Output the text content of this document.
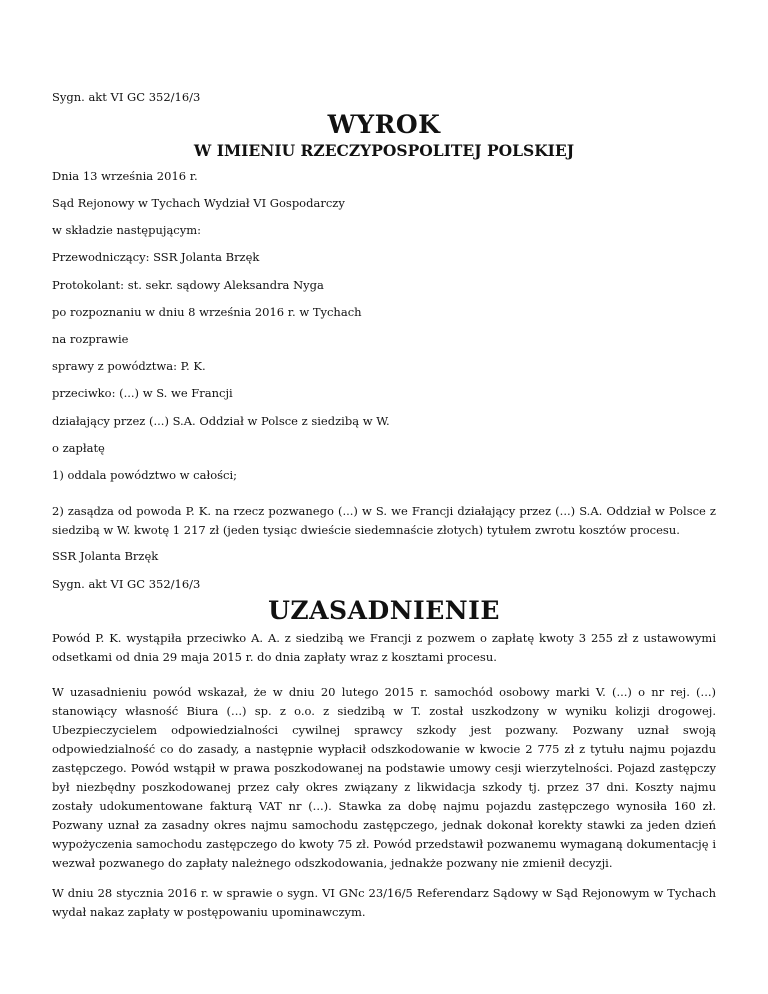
Sygn. akt VI GC 352/16/3

WYROK
W IMIENIU RZECZYPOSPOLITEJ POLSKIEJ

Dnia 13 września 2016 r.

Sąd Rejonowy w Tychach Wydział VI Gospodarczy

w składzie następującym:

Przewodniczący: SSR Jolanta Brzęk

Protokolant: st. sekr. sądowy Aleksandra Nyga

po rozpoznaniu w dniu 8 września 2016 r. w Tychach

na rozprawie

sprawy z powództwa: P. K.

przeciwko: (...) w S. we Francji

działający przez (...) S.A. Oddział w Polsce z siedzibą w W.

o zapłatę

1) oddala powództwo w całości;

2) zasądza od powoda P. K. na rzecz pozwanego (...) w S. we Francji działający przez (...) S.A. Oddział w Polsce z siedzibą w W. kwotę 1 217 zł (jeden tysiąc dwieście siedemnaście złotych) tytułem zwrotu kosztów procesu.

SSR Jolanta Brzęk

Sygn. akt VI GC 352/16/3

UZASADNIENIE

Powód P. K. wystąpiła przeciwko A. A. z siedzibą we Francji z pozwem o zapłatę kwoty 3 255 zł z ustawowymi odsetkami od dnia 29 maja 2015 r. do dnia zapłaty wraz z kosztami procesu.

W uzasadnieniu powód wskazał, że w dniu 20 lutego 2015 r. samochód osobowy marki V. (...) o nr rej. (...) stanowiący własność Biura (...) sp. z o.o. z siedzibą w T. został uszkodzony w wyniku kolizji drogowej. Ubezpieczycielem odpowiedzialności cywilnej sprawcy szkody jest pozwany. Pozwany uznał swoją odpowiedzialność co do zasady, a następnie wypłacił odszkodowanie w kwocie 2 775 zł z tytułu najmu pojazdu zastępczego. Powód wstąpił w prawa poszkodowanej na podstawie umowy cesji wierzytelności. Pojazd zastępczy był niezbędny poszkodowanej przez cały okres związany z likwidacja szkody tj. przez 37 dni. Koszty najmu zostały udokumentowane fakturą VAT nr (...). Stawka za dobę najmu pojazdu zastępczego wynosiła 160 zł. Pozwany uznał za zasadny okres najmu samochodu zastępczego, jednak dokonał korekty stawki za jeden dzień wypożyczenia samochodu zastępczego do kwoty 75 zł. Powód przedstawił pozwanemu wymaganą dokumentację i wezwał pozwanego do zapłaty należnego odszkodowania, jednakże pozwany nie zmienił decyzji.

W dniu 28 stycznia 2016 r. w sprawie o sygn. VI GNc 23/16/5 Referendarz Sądowy w Sąd Rejonowym w Tychach wydał nakaz zapłaty w postępowaniu upominawczym.
